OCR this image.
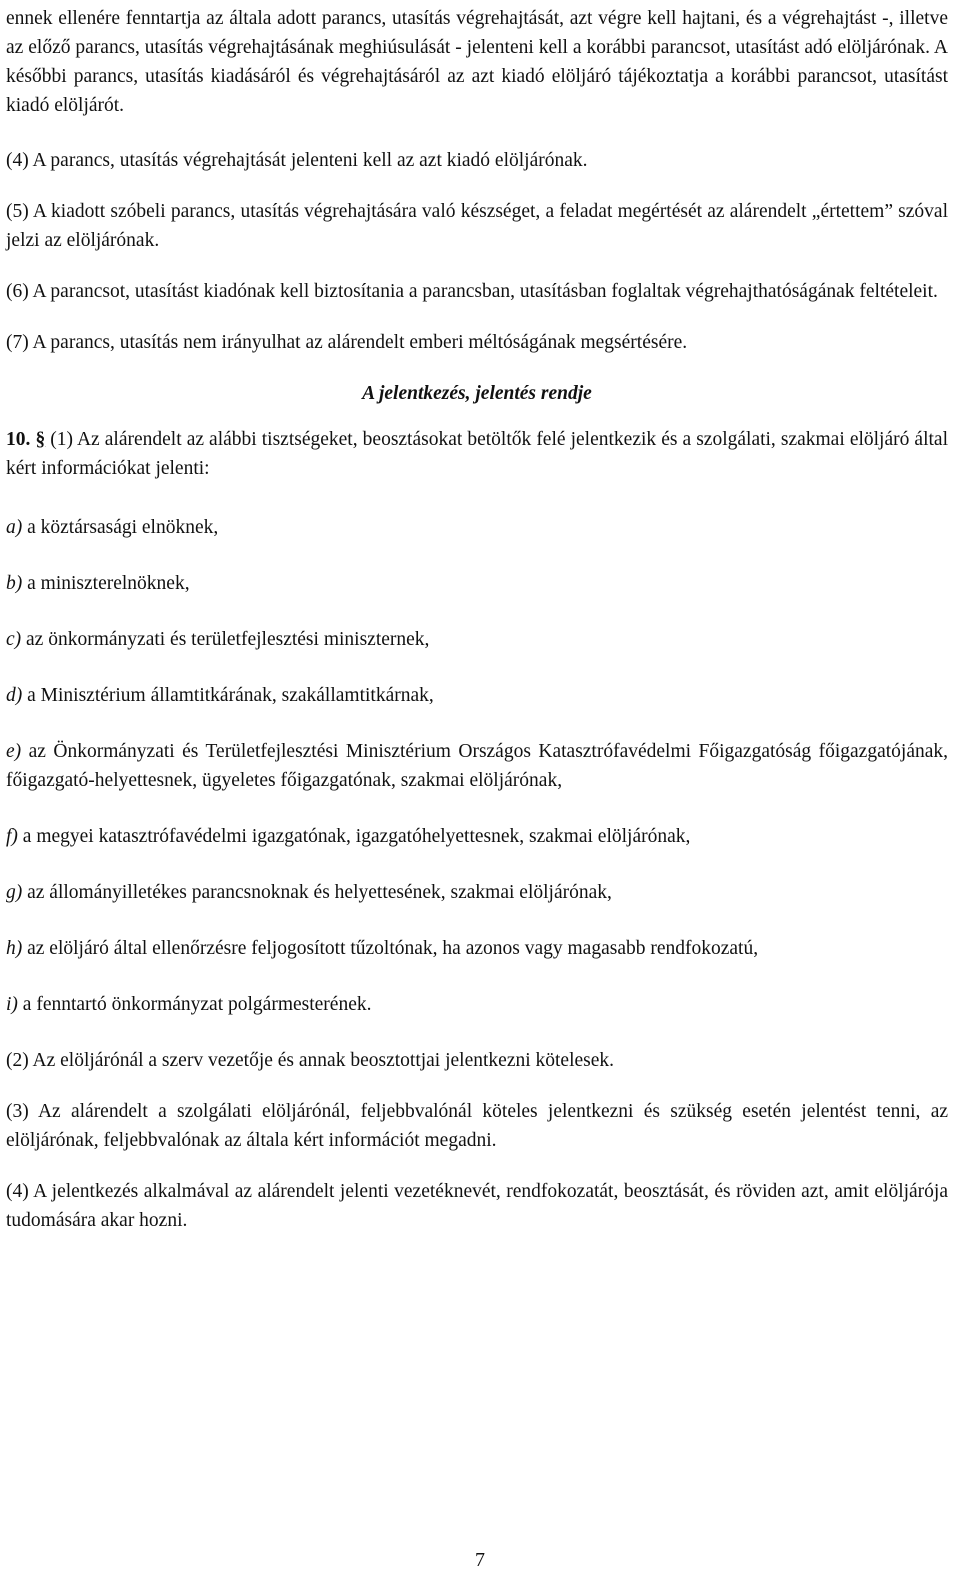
ennek ellenére fenntartja az általa adott parancs, utasítás végrehajtását, azt végre kell hajtani, és a végrehajtást -, illetve az előző parancs, utasítás végrehajtásának meghiúsulását - jelenteni kell a korábbi parancsot, utasítást adó elöljárónak. A későbbi parancs, utasítás kiadásáról és végrehajtásáról az azt kiadó elöljáró tájékoztatja a korábbi parancsot, utasítást kiadó elöljárót.

(4) A parancs, utasítás végrehajtását jelenteni kell az azt kiadó elöljárónak.

(5) A kiadott szóbeli parancs, utasítás végrehajtására való készséget, a feladat megértését az alárendelt „értettem” szóval jelzi az elöljárónak.

(6) A parancsot, utasítást kiadónak kell biztosítania a parancsban, utasításban foglaltak végrehajthatóságának feltételeit.

(7) A parancs, utasítás nem irányulhat az alárendelt emberi méltóságának megsértésére.

A jelentkezés, jelentés rendje

10. § (1) Az alárendelt az alábbi tisztségeket, beosztásokat betöltők felé jelentkezik és a szolgálati, szakmai elöljáró által kért információkat jelenti:

a) a köztársasági elnöknek,

b) a miniszterelnöknek,

c) az önkormányzati és területfejlesztési miniszternek,

d) a Minisztérium államtitkárának, szakállamtitkárnak,

e) az Önkormányzati és Területfejlesztési Minisztérium Országos Katasztrófavédelmi Főigazgatóság főigazgatójának, főigazgató-helyettesnek, ügyeletes főigazgatónak, szakmai elöljárónak,

f) a megyei katasztrófavédelmi igazgatónak, igazgatóhelyettesnek, szakmai elöljárónak,

g) az állományilletékes parancsnoknak és helyettesének, szakmai elöljárónak,

h) az elöljáró által ellenőrzésre feljogosított tűzoltónak, ha azonos vagy magasabb rendfokozatú,

i) a fenntartó önkormányzat polgármesterének.

(2) Az elöljárónál a szerv vezetője és annak beosztottjai jelentkezni kötelesek.

(3) Az alárendelt a szolgálati elöljárónál, feljebbvalónál köteles jelentkezni és szükség esetén jelentést tenni, az elöljárónak, feljebbvalónak az általa kért információt megadni.

(4) A jelentkezés alkalmával az alárendelt jelenti vezetéknevét, rendfokozatát, beosztását, és röviden azt, amit elöljárója tudomására akar hozni.

7
